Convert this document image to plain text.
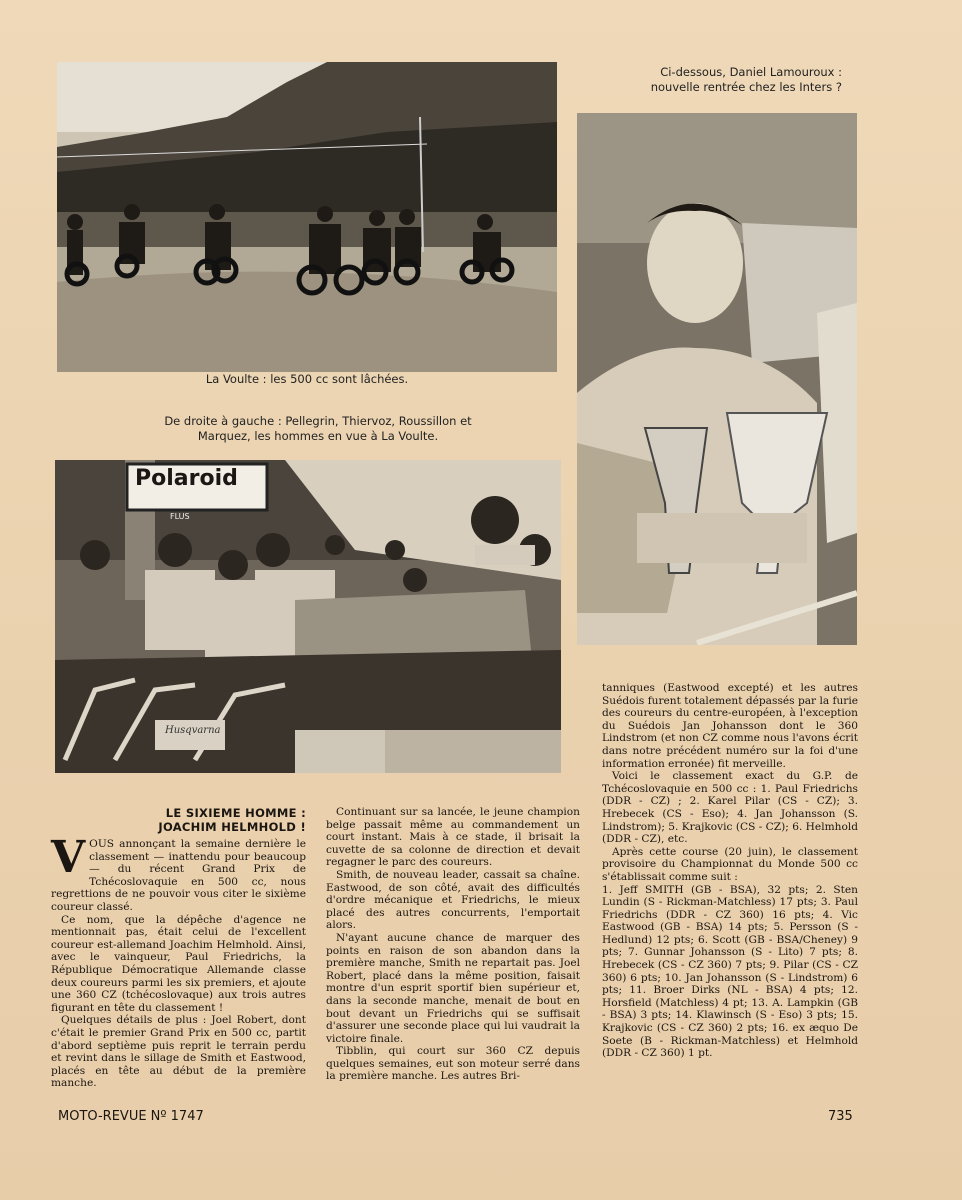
La Voulte : les 500 cc sont lâchées.
De droite à gauche : Pellegrin, Thiervoz, Roussillon et Marquez, les hommes en vue à La Voulte.
Polaroid
FLUS
Husqvarna
Ci-dessous, Daniel Lamouroux : nouvelle rentrée chez les Inters ?
LE SIXIEME HOMME :
JOACHIM HELMHOLD !

VOUS annonçant la semaine dernière le classement — inattendu pour beaucoup — du récent Grand Prix de Tchécoslovaquie en 500 cc, nous regrettions de ne pouvoir vous citer le sixième coureur classé.

Ce nom, que la dépêche d'agence ne mentionnait pas, était celui de l'excellent coureur est-allemand Joachim Helmhold. Ainsi, avec le vainqueur, Paul Friedrichs, la République Démocratique Allemande classe deux coureurs parmi les six premiers, et ajoute une 360 CZ (tchécoslovaque) aux trois autres figurant en tête du classement !

Quelques détails de plus : Joel Robert, dont c'était le premier Grand Prix en 500 cc, partit d'abord septième puis reprit le terrain perdu et revint dans le sillage de Smith et Eastwood, placés en tête au début de la première manche.

Continuant sur sa lancée, le jeune champion belge passait même au commandement un court instant. Mais à ce stade, il brisait la cuvette de sa colonne de direction et devait regagner le parc des coureurs.

Smith, de nouveau leader, cassait sa chaîne. Eastwood, de son côté, avait des difficultés d'ordre mécanique et Friedrichs, le mieux placé des autres concurrents, l'emportait alors.

N'ayant aucune chance de marquer des points en raison de son abandon dans la première manche, Smith ne repartait pas. Joel Robert, placé dans la même position, faisait montre d'un esprit sportif bien supérieur et, dans la seconde manche, menait de bout en bout devant un Friedrichs qui se suffisait d'assurer une seconde place qui lui vaudrait la victoire finale.

Tibblin, qui court sur 360 CZ depuis quelques semaines, eut son moteur serré dans la première manche. Les autres Bri-

tanniques (Eastwood excepté) et les autres Suédois furent totalement dépassés par la furie des coureurs du centre-européen, à l'exception du Suédois Jan Johansson dont le 360 Lindstrom (et non CZ comme nous l'avons écrit dans notre précédent numéro sur la foi d'une information erronée) fit merveille.

Voici le classement exact du G.P. de Tchécoslovaquie en 500 cc : 1. Paul Friedrichs (DDR - CZ) ; 2. Karel Pilar (CS - CZ); 3. Hrebecek (CS - Eso); 4. Jan Johansson (S. Lindstrom); 5. Krajkovic (CS - CZ); 6. Helmhold (DDR - CZ), etc.

Après cette course (20 juin), le classement provisoire du Championnat du Monde 500 cc s'établissait comme suit :

1. Jeff SMITH (GB - BSA), 32 pts; 2. Sten Lundin (S - Rickman-Matchless) 17 pts; 3. Paul Friedrichs (DDR - CZ 360) 16 pts; 4. Vic Eastwood (GB - BSA) 14 pts; 5. Persson (S - Hedlund) 12 pts; 6. Scott (GB - BSA/Cheney) 9 pts; 7. Gunnar Johansson (S - Lito) 7 pts; 8. Hrebecek (CS - CZ 360) 7 pts; 9. Pilar (CS - CZ 360) 6 pts; 10. Jan Johansson (S - Lindstrom) 6 pts; 11. Broer Dirks (NL - BSA) 4 pts; 12. Horsfield (Matchless) 4 pt; 13. A. Lampkin (GB - BSA) 3 pts; 14. Klawinsch (S - Eso) 3 pts; 15. Krajkovic (CS - CZ 360) 2 pts; 16. ex æquo De Soete (B - Rickman-Matchless) et Helmhold (DDR - CZ 360) 1 pt.

MOTO-REVUE Nº 1747	735
